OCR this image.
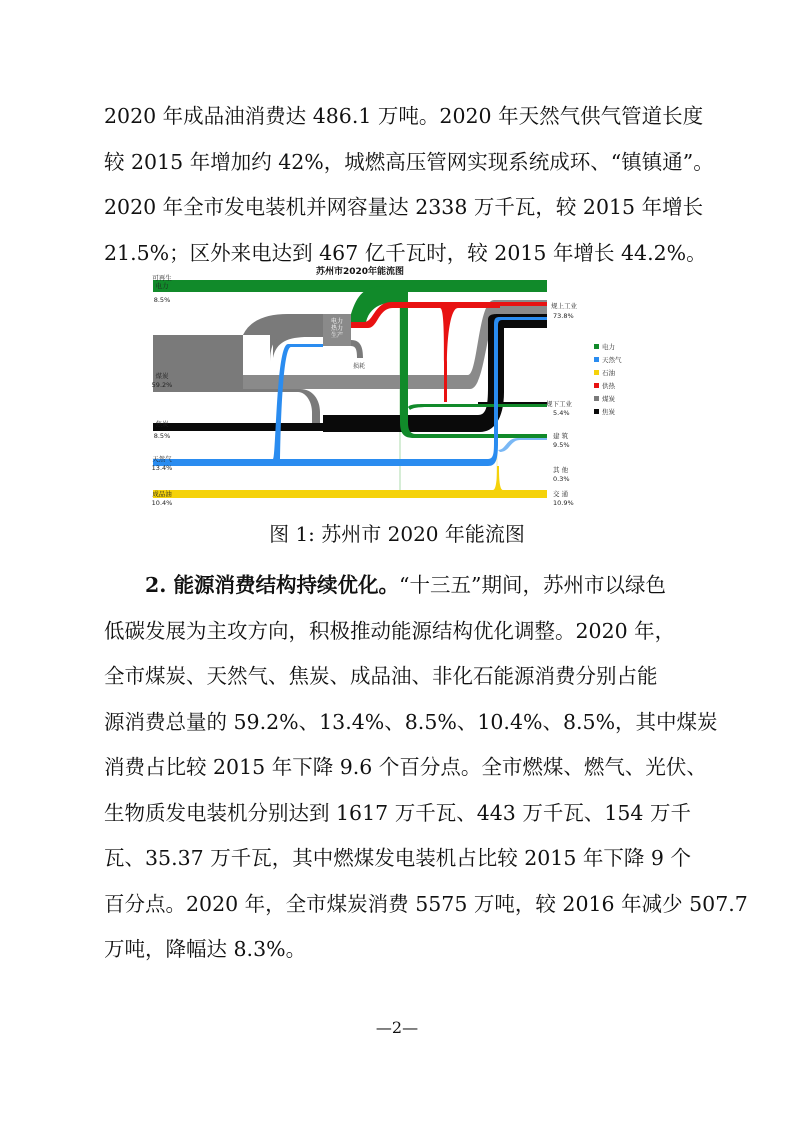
2020 年成品油消费达 486.1 万吨。2020 年天然气供气管道长度
较 2015 年增加约 42%，城燃高压管网实现系统成环、“镇镇通”。
2020 年全市发电装机并网容量达 2338 万千瓦，较 2015 年增长
21.5%；区外来电达到 467 亿千瓦时，较 2015 年增长 44.2%。
苏州市2020年能流图
电力热力生产
损耗
可再生电力
8.5%
煤炭
59.2%
焦炭
8.5%
天然气
13.4%
成品油
10.4%
规上工业
73.8%
规下工业
5.4%
建 筑
9.5%
其 他
0.3%
交 通
10.9%
电力
天然气
石油
供热
煤炭
焦炭
图 1: 苏州市 2020 年能流图
2. 能源消费结构持续优化。“十三五”期间，苏州市以绿色
低碳发展为主攻方向，积极推动能源结构优化调整。2020 年，
全市煤炭、天然气、焦炭、成品油、非化石能源消费分别占能
源消费总量的 59.2%、13.4%、8.5%、10.4%、8.5%，其中煤炭
消费占比较 2015 年下降 9.6 个百分点。全市燃煤、燃气、光伏、
生物质发电装机分别达到 1617 万千瓦、443 万千瓦、154 万千
瓦、35.37 万千瓦，其中燃煤发电装机占比较 2015 年下降 9 个
百分点。2020 年，全市煤炭消费 5575 万吨，较 2016 年减少 507.7
万吨，降幅达 8.3%。
—2—
